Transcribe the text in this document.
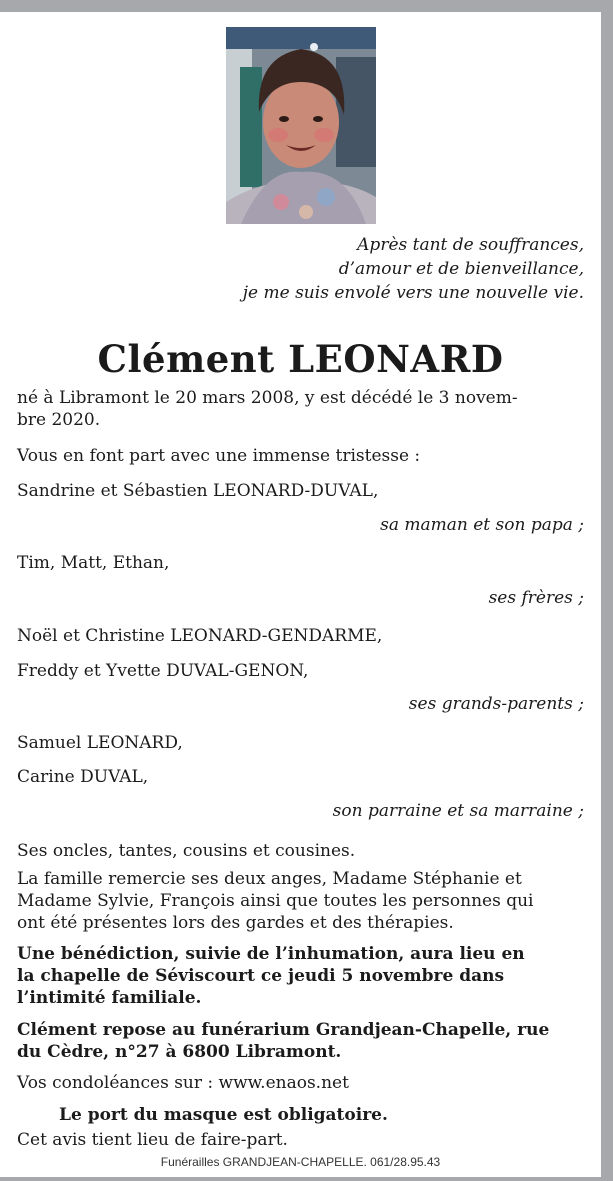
Après tant de souffrances,
d’amour et de bienveillance,
je me suis envolé vers une nouvelle vie.
Clément LEONARD
né à Libramont le 20 mars 2008, y est décédé le 3 novem-
bre 2020.
Vous en font part avec une immense tristesse :
Sandrine et Sébastien LEONARD-DUVAL,
sa maman et son papa ;
Tim, Matt, Ethan,
ses frères ;
Noël et Christine LEONARD-GENDARME,
Freddy et Yvette DUVAL-GENON,
ses grands-parents ;
Samuel LEONARD,
Carine DUVAL,
son parraine et sa marraine ;
Ses oncles, tantes, cousins et cousines.
La famille remercie ses deux anges, Madame Stéphanie et
Madame Sylvie, François ainsi que toutes les personnes qui
ont été présentes lors des gardes et des thérapies.
Une bénédiction, suivie de l’inhumation, aura lieu en
la chapelle de Séviscourt ce jeudi 5 novembre dans
l’intimité familiale.
Clément repose au funérarium Grandjean-Chapelle, rue
du Cèdre, n°27 à 6800 Libramont.
Vos condoléances sur : www.enaos.net
Le port du masque est obligatoire.
Cet avis tient lieu de faire-part.
Funérailles GRANDJEAN-CHAPELLE. 061/28.95.43
